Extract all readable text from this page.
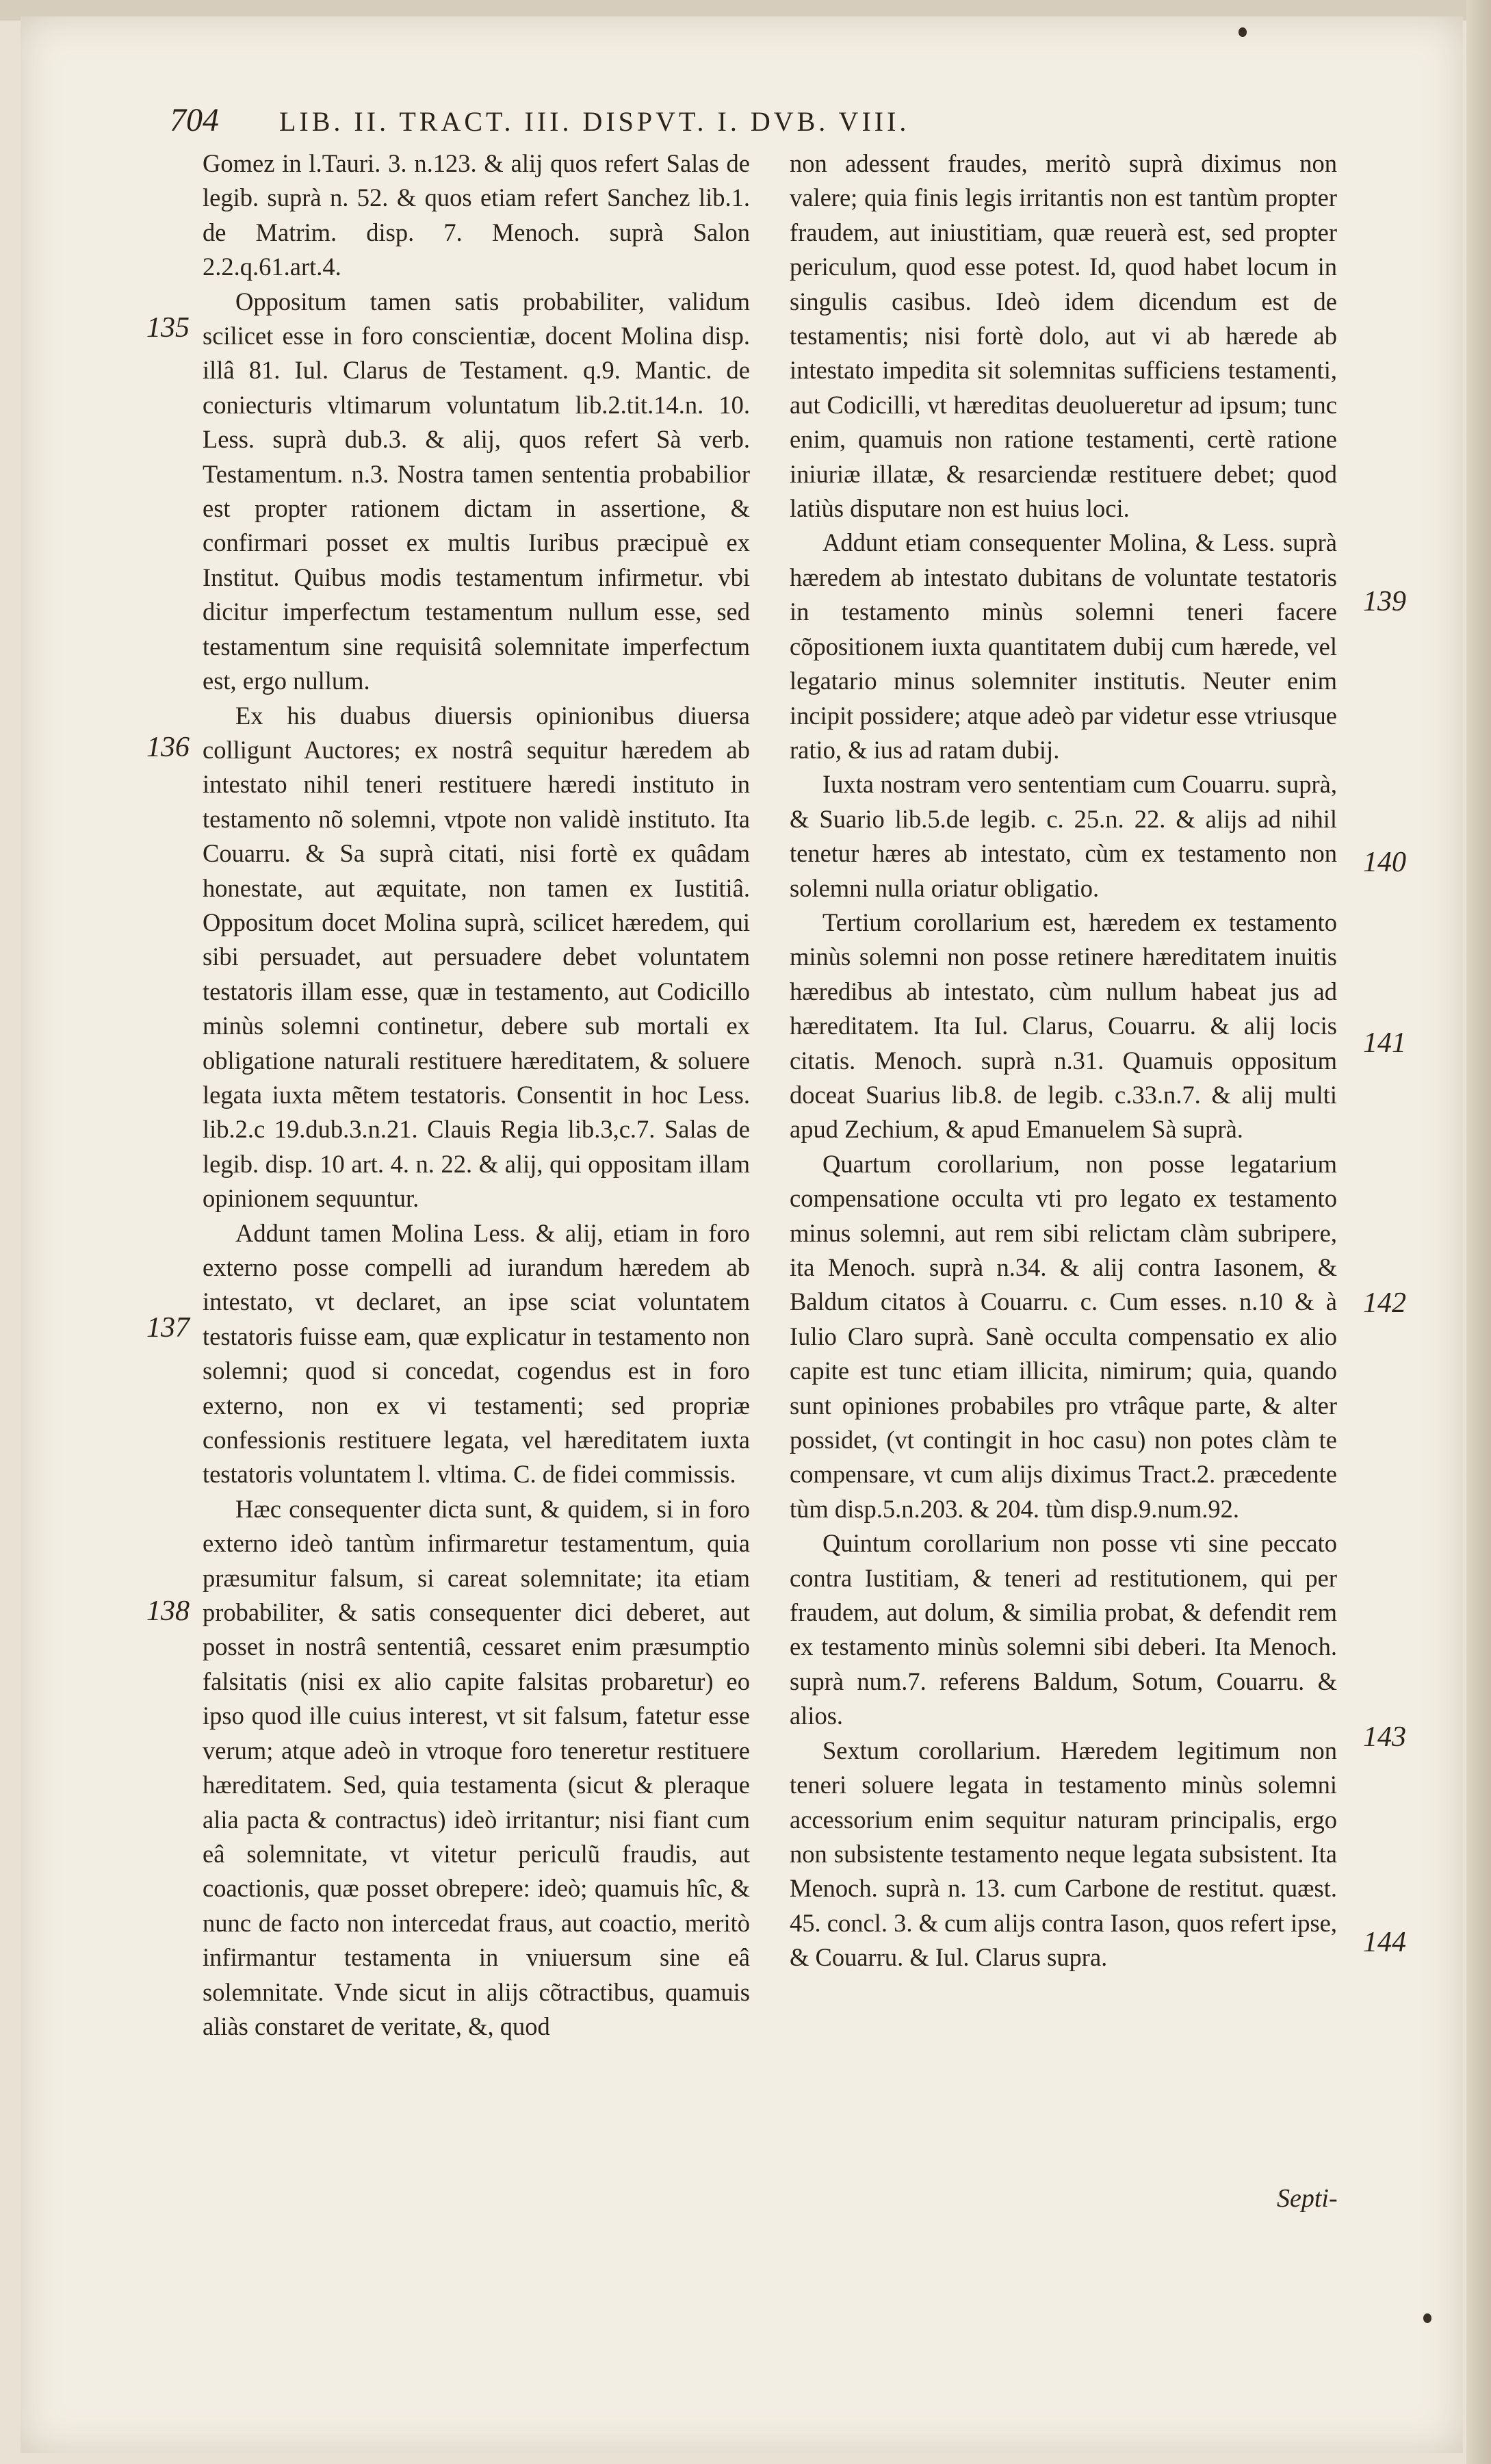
704 LIB. II. TRACT. III. DISPVT. I. DVB. VIII.

Gomez in l.Tauri. 3. n.123. & alij quos refert Salas de legib. suprà n. 52. & quos etiam refert Sanchez lib.1. de Matrim. disp. 7. Menoch. suprà Salon 2.2.q.61.art.4.

Oppositum tamen satis probabiliter, validum scilicet esse in foro conscientiæ, docent Molina disp. illâ 81. Iul. Clarus de Testament. q.9. Mantic. de coniecturis vltimarum voluntatum lib.2.tit.14.n. 10. Less. suprà dub.3. & alij, quos refert Sà verb. Testamentum. n.3. Nostra tamen sententia probabilior est propter rationem dictam in assertione, & confirmari posset ex multis Iuribus præcipuè ex Institut. Quibus modis testamentum infirmetur. vbi dicitur imperfectum testamentum nullum esse, sed testamentum sine requisitâ solemnitate imperfectum est, ergo nullum.

Ex his duabus diuersis opinionibus diuersa colligunt Auctores; ex nostrâ sequitur hæredem ab intestato nihil teneri restituere hæredi instituto in testamento nõ solemni, vtpote non validè instituto. Ita Couarru. & Sa suprà citati, nisi fortè ex quâdam honestate, aut æquitate, non tamen ex Iustitiâ. Oppositum docet Molina suprà, scilicet hæredem, qui sibi persuadet, aut persuadere debet voluntatem testatoris illam esse, quæ in testamento, aut Codicillo minùs solemni continetur, debere sub mortali ex obligatione naturali restituere hæreditatem, & soluere legata iuxta mẽtem testatoris. Consentit in hoc Less. lib.2.c 19.dub.3.n.21. Clauis Regia lib.3,c.7. Salas de legib. disp. 10 art. 4. n. 22. & alij, qui oppositam illam opinionem sequuntur.

Addunt tamen Molina Less. & alij, etiam in foro externo posse compelli ad iurandum hæredem ab intestato, vt declaret, an ipse sciat voluntatem testatoris fuisse eam, quæ explicatur in testamento non solemni; quod si concedat, cogendus est in foro externo, non ex vi testamenti; sed propriæ confessionis restituere legata, vel hæreditatem iuxta testatoris voluntatem l. vltima. C. de fidei commissis.

Hæc consequenter dicta sunt, & quidem, si in foro externo ideò tantùm infirmaretur testamentum, quia præsumitur falsum, si careat solemnitate; ita etiam probabiliter, & satis consequenter dici deberet, aut posset in nostrâ sententiâ, cessaret enim præsumptio falsitatis (nisi ex alio capite falsitas probaretur) eo ipso quod ille cuius interest, vt sit falsum, fatetur esse verum; atque adeò in vtroque foro teneretur restituere hæreditatem. Sed, quia testamenta (sicut & pleraque alia pacta & contractus) ideò irritantur; nisi fiant cum eâ solemnitate, vt vitetur periculũ fraudis, aut coactionis, quæ posset obrepere: ideò; quamuis hîc, & nunc de facto non intercedat fraus, aut coactio, meritò infirmantur testamenta in vniuersum sine eâ solemnitate. Vnde sicut in alijs cõtractibus, quamuis aliàs constaret de veritate, &, quod

non adessent fraudes, meritò suprà diximus non valere; quia finis legis irritantis non est tantùm propter fraudem, aut iniustitiam, quæ reuerà est, sed propter periculum, quod esse potest. Id, quod habet locum in singulis casibus. Ideò idem dicendum est de testamentis; nisi fortè dolo, aut vi ab hærede ab intestato impedita sit solemnitas sufficiens testamenti, aut Codicilli, vt hæreditas deuolueretur ad ipsum; tunc enim, quamuis non ratione testamenti, certè ratione iniuriæ illatæ, & resarciendæ restituere debet; quod latiùs disputare non est huius loci.

Addunt etiam consequenter Molina, & Less. suprà hæredem ab intestato dubitans de voluntate testatoris in testamento minùs solemni teneri facere cõpositionem iuxta quantitatem dubij cum hærede, vel legatario minus solemniter institutis. Neuter enim incipit possidere; atque adeò par videtur esse vtriusque ratio, & ius ad ratam dubij.

Iuxta nostram vero sententiam cum Couarru. suprà, & Suario lib.5.de legib. c. 25.n. 22. & alijs ad nihil tenetur hæres ab intestato, cùm ex testamento non solemni nulla oriatur obligatio.

Tertium corollarium est, hæredem ex testamento minùs solemni non posse retinere hæreditatem inuitis hæredibus ab intestato, cùm nullum habeat jus ad hæreditatem. Ita Iul. Clarus, Couarru. & alij locis citatis. Menoch. suprà n.31. Quamuis oppositum doceat Suarius lib.8. de legib. c.33.n.7. & alij multi apud Zechium, & apud Emanuelem Sà suprà.

Quartum corollarium, non posse legatarium compensatione occulta vti pro legato ex testamento minus solemni, aut rem sibi relictam clàm subripere, ita Menoch. suprà n.34. & alij contra Iasonem, & Baldum citatos à Couarru. c. Cum esses. n.10 & à Iulio Claro suprà. Sanè occulta compensatio ex alio capite est tunc etiam illicita, nimirum; quia, quando sunt opiniones probabiles pro vtrâque parte, & alter possidet, (vt contingit in hoc casu) non potes clàm te compensare, vt cum alijs diximus Tract.2. præcedente tùm disp.5.n.203. & 204. tùm disp.9.num.92.

Quintum corollarium non posse vti sine peccato contra Iustitiam, & teneri ad restitutionem, qui per fraudem, aut dolum, & similia probat, & defendit rem ex testamento minùs solemni sibi deberi. Ita Menoch. suprà num.7. referens Baldum, Sotum, Couarru. & alios.

Sextum corollarium. Hæredem legitimum non teneri soluere legata in testamento minùs solemni accessorium enim sequitur naturam principalis, ergo non subsistente testamento neque legata subsistent. Ita Menoch. suprà n. 13. cum Carbone de restitut. quæst. 45. concl. 3. & cum alijs contra Iason, quos refert ipse, & Couarru. & Iul. Clarus supra.

135
136
137
138
139
140
141
142
143
144
Septi-
